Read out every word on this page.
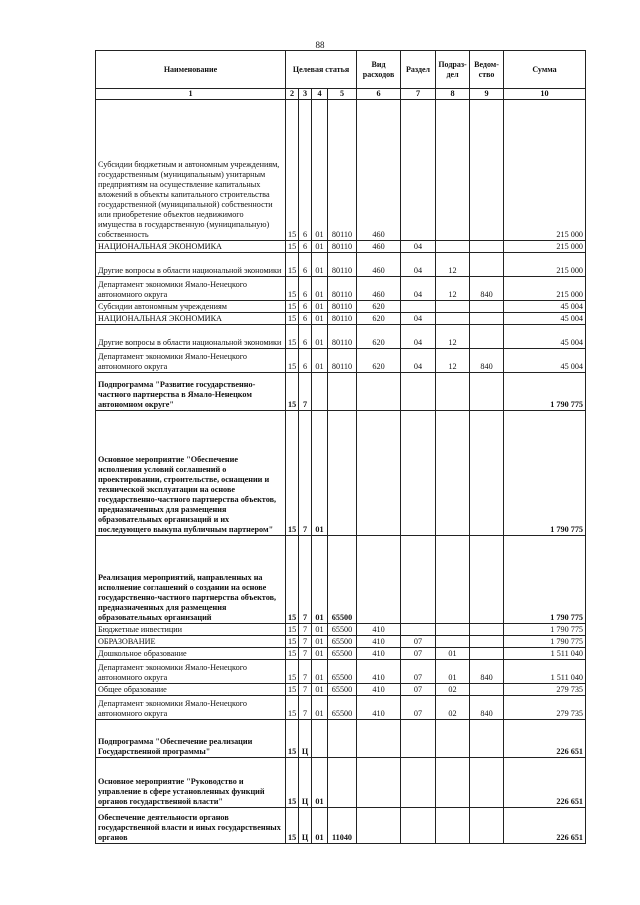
88
Наименование	Целевая статья				Вид расходов	Раздел	Подраз-дел	Ведом-ство	Сумма
1	2	3	4	5	6	7	8	9	10
Субсидии бюджетным и автономным учреждениям, государственным (муниципальным) унитарным предприятиям на осуществление капитальных вложений в объекты капитального строительства государственной (муниципальной) собственности или приобретение объектов недвижимого имущества в государственную (муниципальную) собственность	15	6	01	80110	460				215 000
НАЦИОНАЛЬНАЯ ЭКОНОМИКА	15	6	01	80110	460	04			215 000
Другие вопросы в области национальной экономики	15	6	01	80110	460	04	12		215 000
Департамент экономики Ямало-Ненецкого автономного округа	15	6	01	80110	460	04	12	840	215 000
Субсидии автономным учреждениям	15	6	01	80110	620				45 004
НАЦИОНАЛЬНАЯ ЭКОНОМИКА	15	6	01	80110	620	04			45 004
Другие вопросы в области национальной экономики	15	6	01	80110	620	04	12		45 004
Департамент экономики Ямало-Ненецкого автономного округа	15	6	01	80110	620	04	12	840	45 004
Подпрограмма "Развитие государственно-частного партнерства в Ямало-Ненецком автономном округе"	15	7							1 790 775
Основное мероприятие "Обеспечение исполнения условий соглашений о проектировании, строительстве, оснащении и технической эксплуатации на основе государственно-частного партнерства объектов, предназначенных для размещения образовательных организаций и их последующего выкупа публичным партнером"	15	7	01						1 790 775
Реализация мероприятий, направленных на исполнение соглашений о создании на основе государственно-частного партнерства объектов, предназначенных для размещения образовательных организаций	15	7	01	65500					1 790 775
Бюджетные инвестиции	15	7	01	65500	410				1 790 775
ОБРАЗОВАНИЕ	15	7	01	65500	410	07			1 790 775
Дошкольное образование	15	7	01	65500	410	07	01		1 511 040
Департамент экономики Ямало-Ненецкого автономного округа	15	7	01	65500	410	07	01	840	1 511 040
Общее образование	15	7	01	65500	410	07	02		279 735
Департамент экономики Ямало-Ненецкого автономного округа	15	7	01	65500	410	07	02	840	279 735
Подпрограмма "Обеспечение реализации Государственной программы"	15	Ц							226 651
Основное мероприятие "Руководство и управление в сфере установленных функций органов государственной власти"	15	Ц	01						226 651
Обеспечение деятельности органов государственной власти и иных государственных органов	15	Ц	01	11040					226 651
